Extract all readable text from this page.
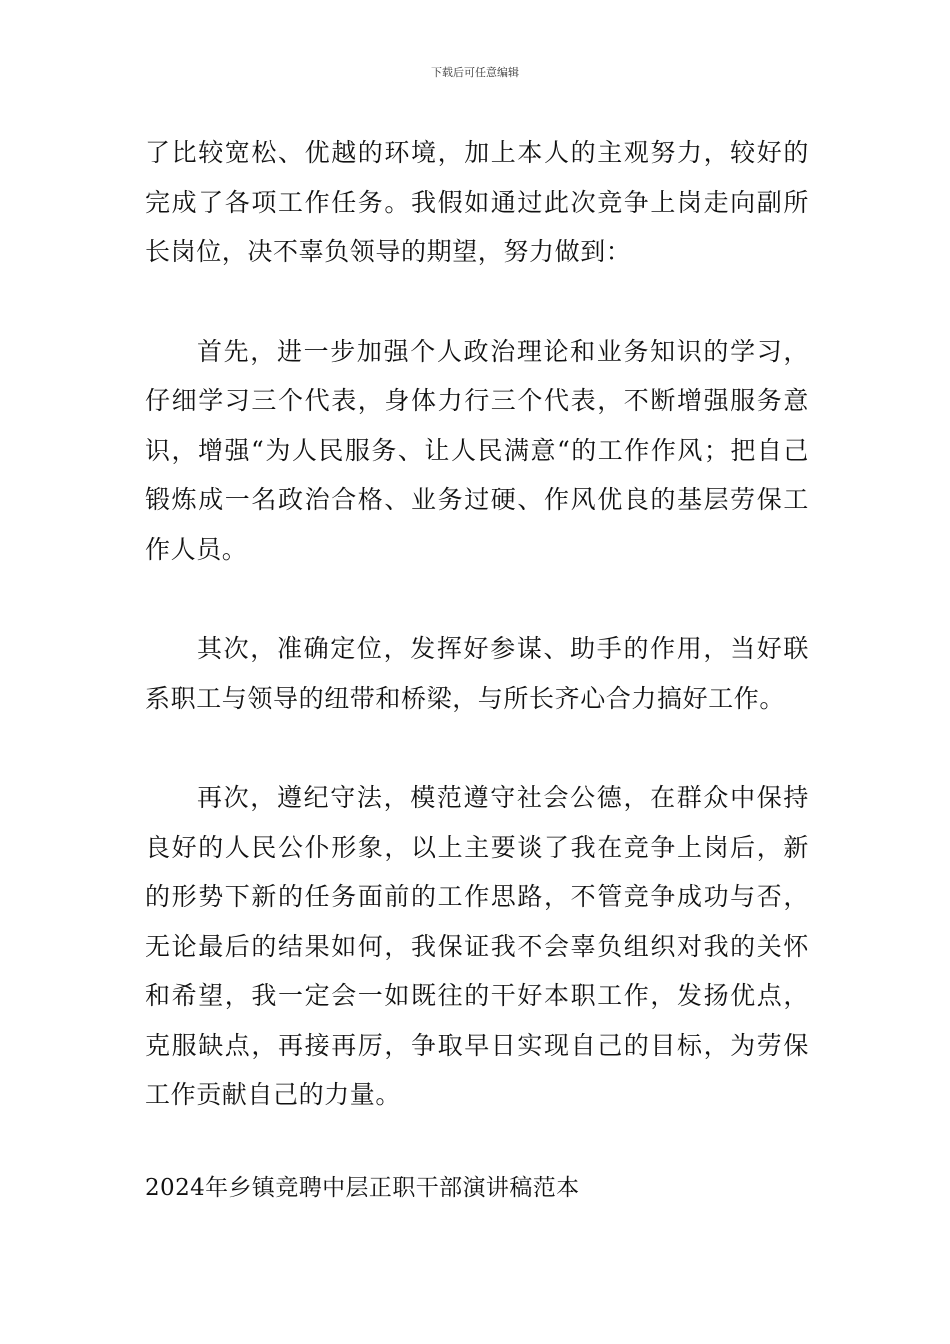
下载后可任意编辑

了比较宽松、优越的环境，加上本人的主观努力，较好的完成了各项工作任务。我假如通过此次竞争上岗走向副所长岗位，决不辜负领导的期望，努力做到：

首先，进一步加强个人政治理论和业务知识的学习，仔细学习三个代表，身体力行三个代表，不断增强服务意识，增强“为人民服务、让人民满意“的工作作风；把自己锻炼成一名政治合格、业务过硬、作风优良的基层劳保工作人员。

其次，准确定位，发挥好参谋、助手的作用，当好联系职工与领导的纽带和桥梁，与所长齐心合力搞好工作。

再次，遵纪守法，模范遵守社会公德，在群众中保持良好的人民公仆形象，以上主要谈了我在竞争上岗后，新的形势下新的任务面前的工作思路，不管竞争成功与否，无论最后的结果如何，我保证我不会辜负组织对我的关怀和希望，我一定会一如既往的干好本职工作，发扬优点，克服缺点，再接再厉，争取早日实现自己的目标，为劳保工作贡献自己的力量。

2024年乡镇竞聘中层正职干部演讲稿范本
